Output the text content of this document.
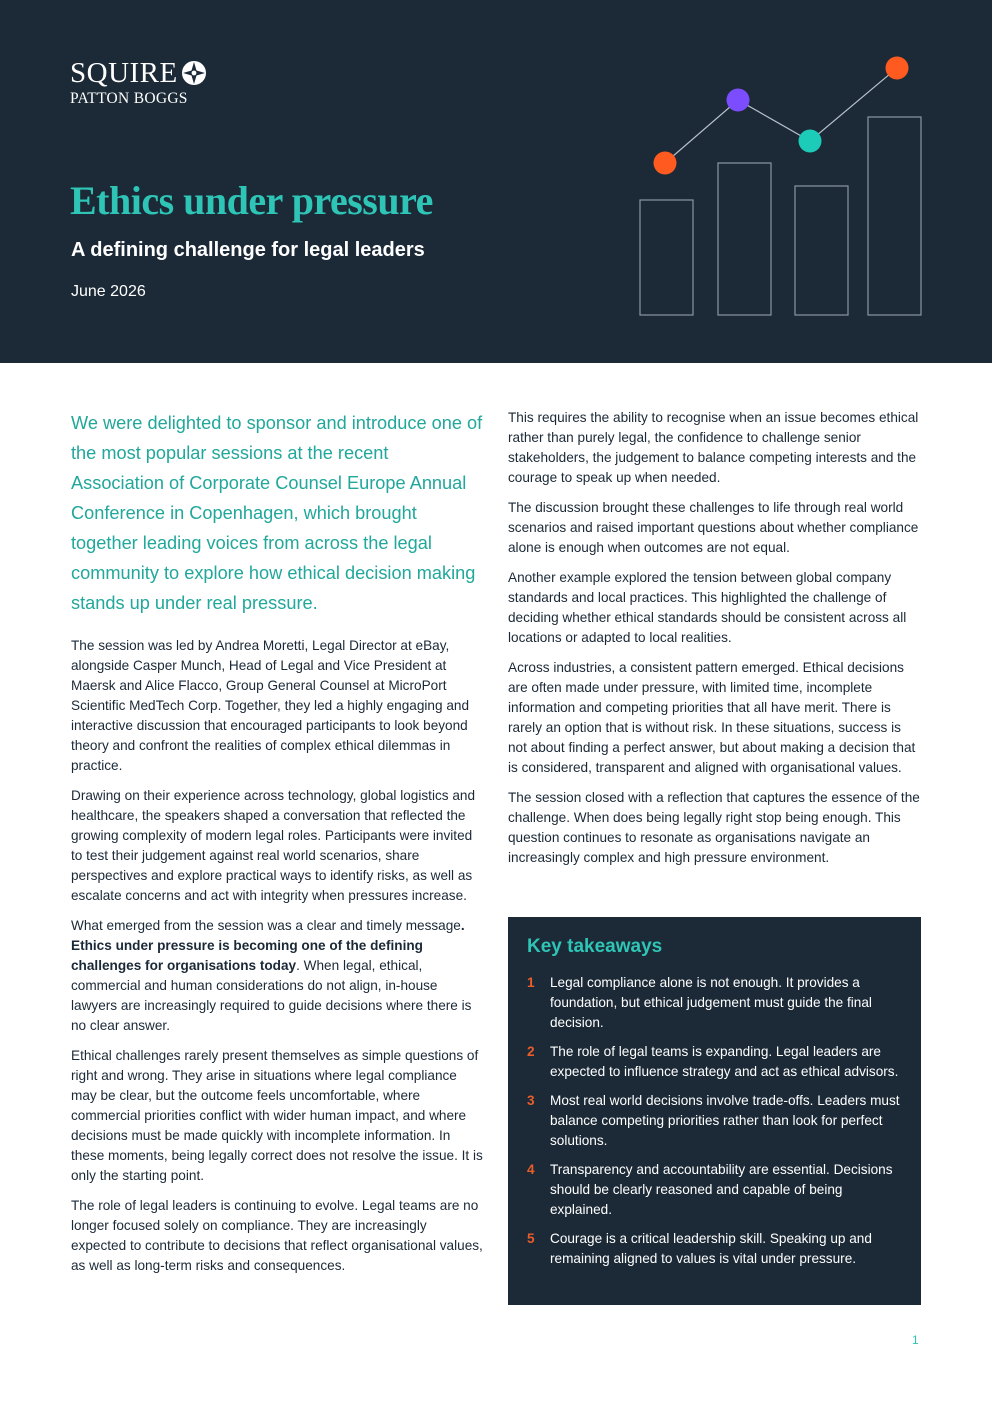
SQUIRE
PATTON BOGGS
Ethics under pressure
A defining challenge for legal leaders
June 2026

We were delighted to sponsor and introduce one of the most popular sessions at the recent Association of Corporate Counsel Europe Annual Conference in Copenhagen, which brought together leading voices from across the legal community to explore how ethical decision making stands up under real pressure.

The session was led by Andrea Moretti, Legal Director at eBay, alongside Casper Munch, Head of Legal and Vice President at Maersk and Alice Flacco, Group General Counsel at MicroPort Scientific MedTech Corp. Together, they led a highly engaging and interactive discussion that encouraged participants to look beyond theory and confront the realities of complex ethical dilemmas in practice.

Drawing on their experience across technology, global logistics and healthcare, the speakers shaped a conversation that reflected the growing complexity of modern legal roles. Participants were invited to test their judgement against real world scenarios, share perspectives and explore practical ways to identify risks, as well as escalate concerns and act with integrity when pressures increase.

What emerged from the session was a clear and timely message. Ethics under pressure is becoming one of the defining challenges for organisations today. When legal, ethical, commercial and human considerations do not align, in-house lawyers are increasingly required to guide decisions where there is no clear answer.

Ethical challenges rarely present themselves as simple questions of right and wrong. They arise in situations where legal compliance may be clear, but the outcome feels uncomfortable, where commercial priorities conflict with wider human impact, and where decisions must be made quickly with incomplete information. In these moments, being legally correct does not resolve the issue. It is only the starting point.

The role of legal leaders is continuing to evolve. Legal teams are no longer focused solely on compliance. They are increasingly expected to contribute to decisions that reflect organisational values, as well as long-term risks and consequences.

This requires the ability to recognise when an issue becomes ethical rather than purely legal, the confidence to challenge senior stakeholders, the judgement to balance competing interests and the courage to speak up when needed.

The discussion brought these challenges to life through real world scenarios and raised important questions about whether compliance alone is enough when outcomes are not equal.

Another example explored the tension between global company standards and local practices. This highlighted the challenge of deciding whether ethical standards should be consistent across all locations or adapted to local realities.

Across industries, a consistent pattern emerged. Ethical decisions are often made under pressure, with limited time, incomplete information and competing priorities that all have merit. There is rarely an option that is without risk. In these situations, success is not about finding a perfect answer, but about making a decision that is considered, transparent and aligned with organisational values.

The session closed with a reflection that captures the essence of the challenge. When does being legally right stop being enough. This question continues to resonate as organisations navigate an increasingly complex and high pressure environment.

Key takeaways
1	Legal compliance alone is not enough. It provides a foundation, but ethical judgement must guide the final decision.
2	The role of legal teams is expanding. Legal leaders are expected to influence strategy and act as ethical advisors.
3	Most real world decisions involve trade-offs. Leaders must balance competing priorities rather than look for perfect solutions.
4	Transparency and accountability are essential. Decisions should be clearly reasoned and capable of being explained.
5	Courage is a critical leadership skill. Speaking up and remaining aligned to values is vital under pressure.
1
